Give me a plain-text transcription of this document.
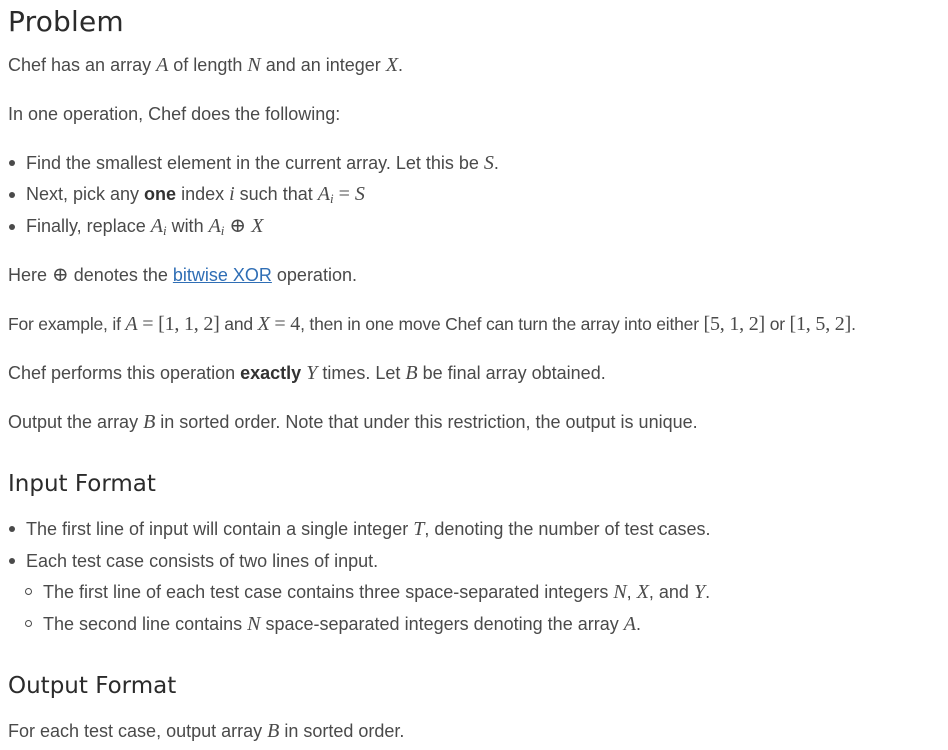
Problem
Chef has an array A of length N and an integer X.
In one operation, Chef does the following:
Find the smallest element in the current array. Let this be S.
Next, pick any one index i such that $A_i = S$
Finally, replace $A_i$ with $A_i$ ⊕ X
Here ⊕ denotes the bitwise XOR operation.
For example, if A = [1, 1, 2] and X = 4, then in one move Chef can turn the array into either [5, 1, 2] or [1, 5, 2].
Chef performs this operation exactly Y times. Let B be final array obtained.
Output the array B in sorted order. Note that under this restriction, the output is unique.
Input Format
The first line of input will contain a single integer T, denoting the number of test cases.
Each test case consists of two lines of input.
The first line of each test case contains three space-separated integers N, X, and Y.
The second line contains N space-separated integers denoting the array A.
Output Format
For each test case, output array B in sorted order.
